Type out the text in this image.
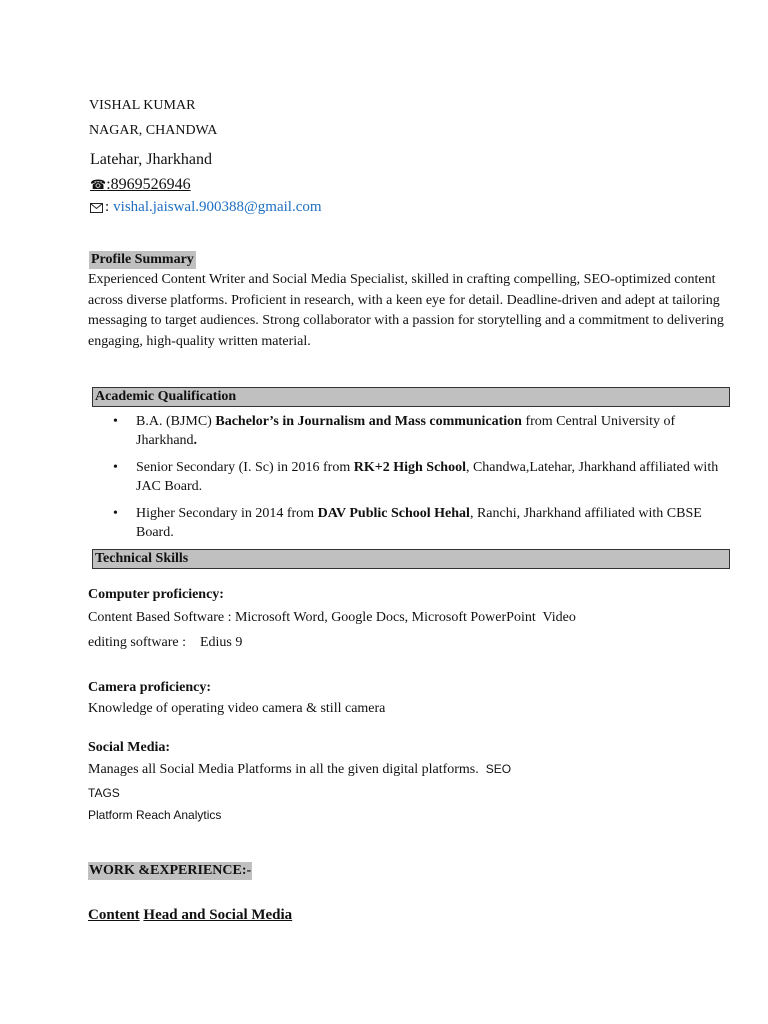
VISHAL KUMAR
NAGAR, CHANDWA
Latehar, Jharkhand
☎:8969526946
: vishal.jaiswal.900388@gmail.com
Profile Summary
Experienced Content Writer and Social Media Specialist, skilled in crafting compelling, SEO-optimized content across diverse platforms. Proficient in research, with a keen eye for detail. Deadline-driven and adept at tailoring messaging to target audiences. Strong collaborator with a passion for storytelling and a commitment to delivering engaging, high-quality written material.
Academic Qualification
• B.A. (BJMC) Bachelor’s in Journalism and Mass communication from Central University of Jharkhand.
• Senior Secondary (I. Sc) in 2016 from RK+2 High School, Chandwa,Latehar, Jharkhand affiliated with JAC Board.
• Higher Secondary in 2014 from DAV Public School Hehal, Ranchi, Jharkhand affiliated with CBSE Board.
Technical Skills
Computer proficiency:
Content Based Software : Microsoft Word, Google Docs, Microsoft PowerPoint  Video
editing software :    Edius 9
Camera proficiency:
Knowledge of operating video camera & still camera
Social Media:
Manages all Social Media Platforms in all the given digital platforms. SEO
TAGS
Platform Reach Analytics
WORK &EXPERIENCE:-
Content Head and Social Media
